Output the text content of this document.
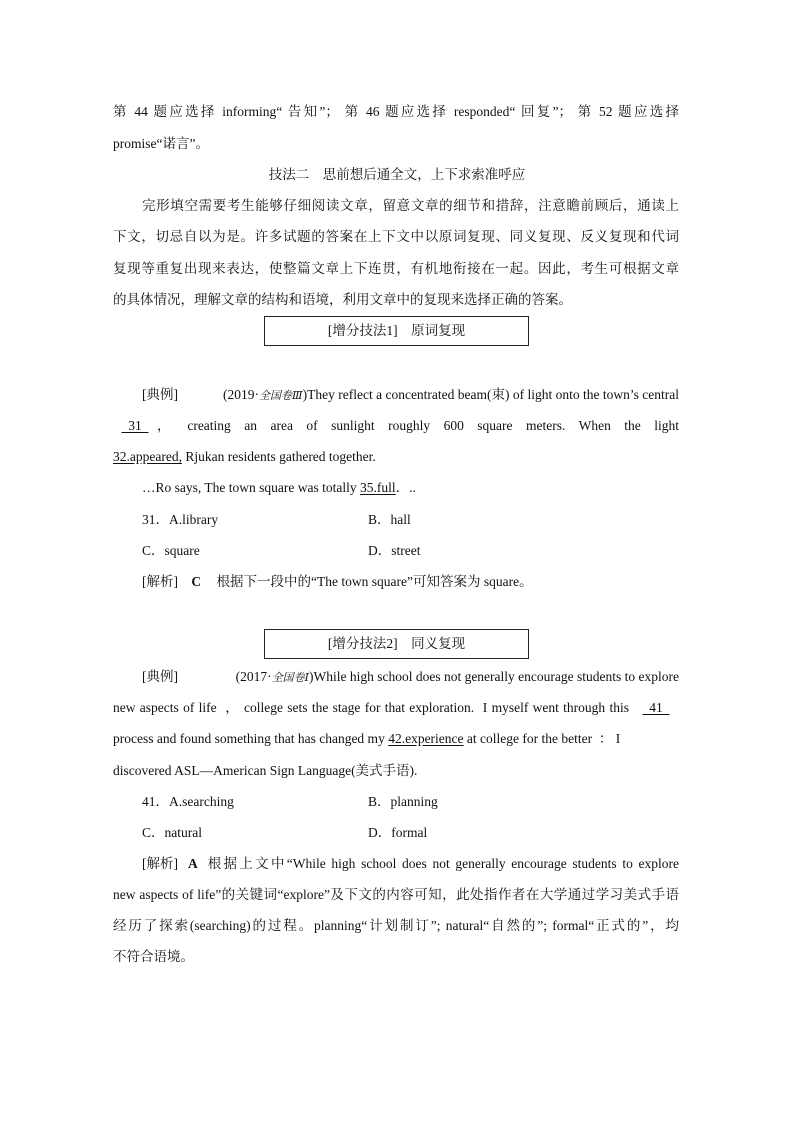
第 44 题应选择 informing“ 告知”； 第 46 题应选择 responded“ 回复”； 第 52 题应选择
promise“诺言”。
技法二　思前想后通全文，上下求索准呼应
完形填空需要考生能够仔细阅读文章，留意文章的细节和措辞，注意瞻前顾后，通读上
下文，切忌自以为是。许多试题的答案在上下文中以原词复现、同义复现、反义复现和代词
复现等重复出现来表达，使整篇文章上下连贯，有机地衔接在一起。因此，考生可根据文章
的具体情况，理解文章的结构和语境，利用文章中的复现来选择正确的答案。
[增分技法1]　原词复现
[典例]	(2019·全国卷Ⅲ)They reflect a concentrated beam(束) of light onto the town’s central
31 ，  creating  an  area  of  sunlight  roughly  600  square  meters.  When  the  light
32.appeared, Rjukan residents gathered together.
…Ro says, The town square was totally 35.full．..
31．A.library	B．hall
C．square	D．street
[解析] C 根据下一段中的“The town square”可知答案为 square。
[增分技法2]　同义复现
[典例]	(2017·全国卷Ⅰ)While high school does not generally encourage students to explore
new aspects of life  ， college sets the stage for that exploration.  I myself went through this	41
process and found something that has changed my 42.experience at college for the better  ： I
discovered ASL—American Sign Language(美式手语).
41．A.searching	B．planning
C．natural	D．formal
[解析] A 根据上文中“While high school does not generally encourage students to explore
new aspects of life”的关键词“explore”及下文的内容可知，此处指作者在大学通过学习美式手语
经历了探索(searching)的过程。planning“计划制订”; natural“自然的”; formal“正式的”，均
不符合语境。
